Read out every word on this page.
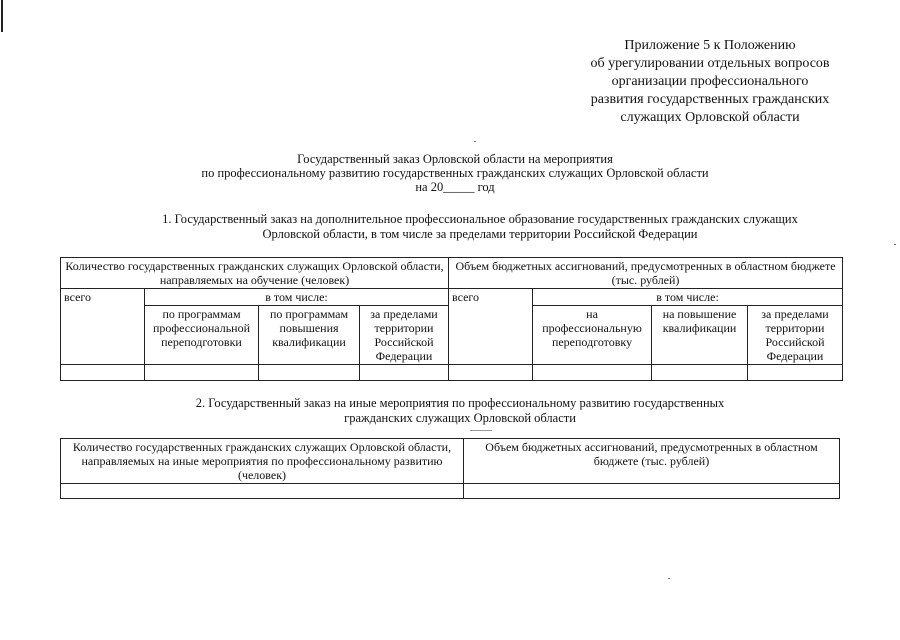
Приложение 5 к Положению
об урегулировании отдельных вопросов
организации профессионального
развития государственных гражданских
служащих Орловской области
Государственный заказ Орловской области на мероприятия
по профессиональному развитию государственных гражданских служащих Орловской области
на 20_____ год
1. Государственный заказ на дополнительное профессиональное образование государственных гражданских служащих
Орловской области, в том числе за пределами территории Российской Федерации
Количество государственных гражданских служащих Орловской области, направляемых на обучение (человек)				Объем бюджетных ассигнований, предусмотренных в областном бюджете (тыс. рублей)			
всего	в том числе:			всего	в том числе:		
	по программам профессиональной переподготовки	по программам повышения квалификации	за пределами территории Российской Федерации		на профессиональную переподготовку	на повышение квалификации	за пределами территории Российской Федерации

2. Государственный заказ на иные мероприятия по профессиональному развитию государственных
гражданских служащих Орловской области
Количество государственных гражданских служащих Орловской области, направляемых на иные мероприятия по профессиональному развитию (человек)	Объем бюджетных ассигнований, предусмотренных в областном бюджете (тыс. рублей)
